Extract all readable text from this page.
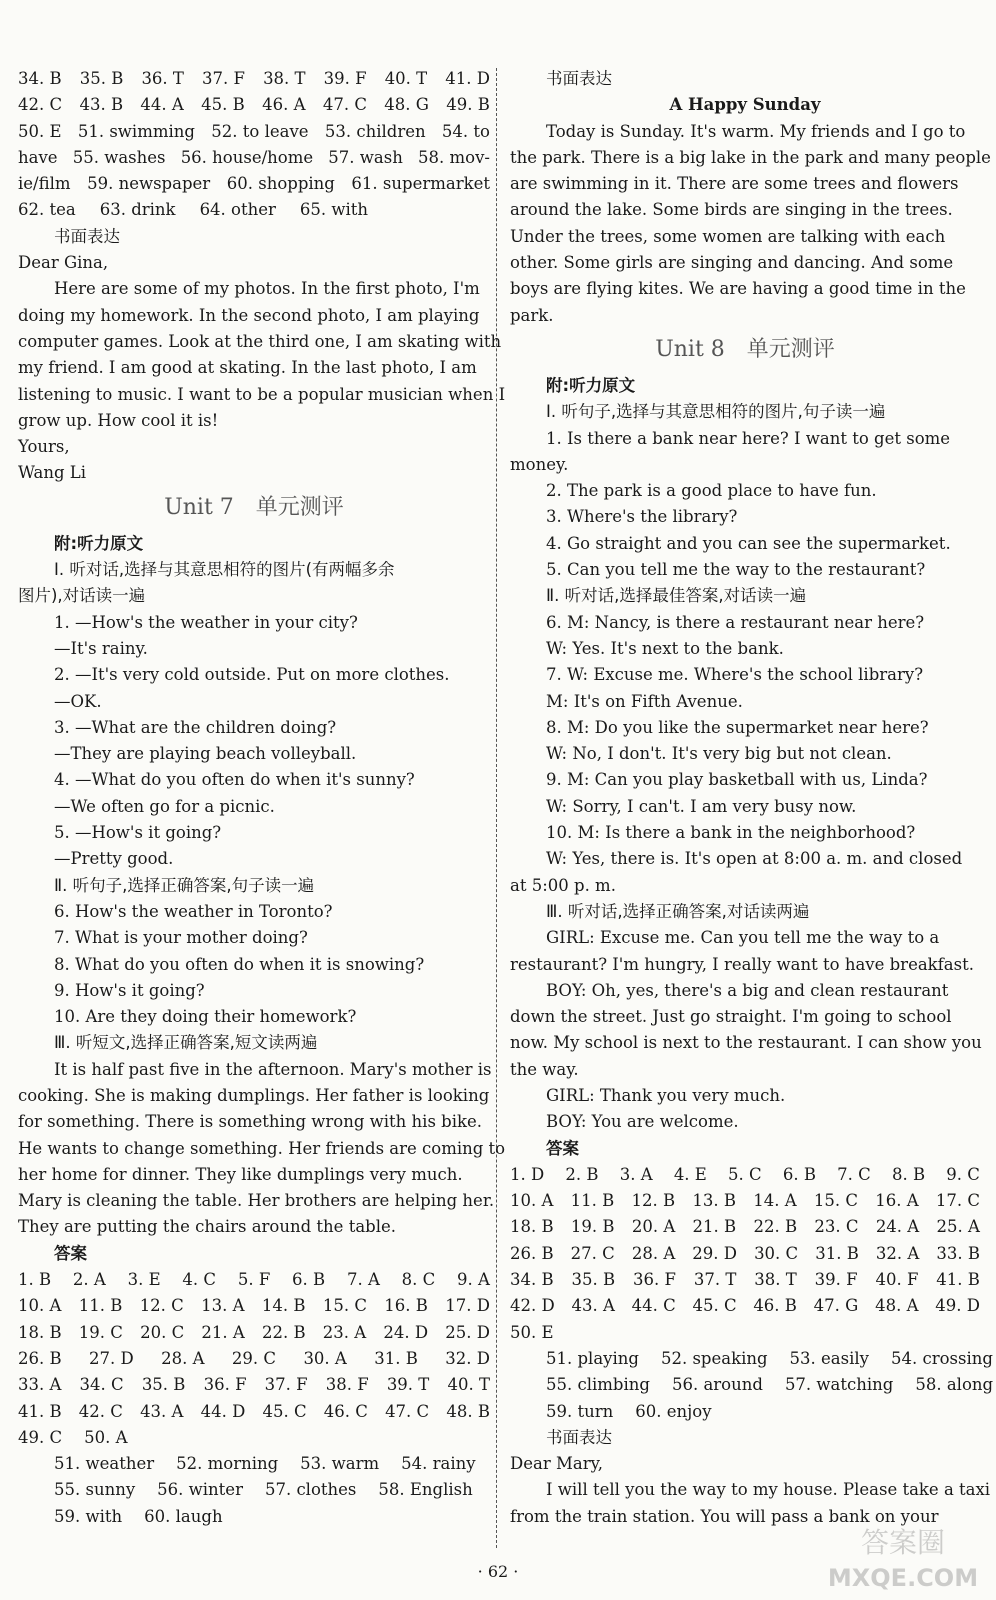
34. B 35. B 36. T 37. F 38. T 39. F 40. T 41. D
42. C 43. B 44. A 45. B 46. A 47. C 48. G 49. B
50. E 51. swimming 52. to leave 53. children 54. to
have 55. washes 56. house/home 57. wash 58. mov-
ie/film 59. newspaper 60. shopping 61. supermarket
62. tea 63. drink 64. other 65. with
书面表达
Dear Gina,
Here are some of my photos. In the first photo, I'm
doing my homework. In the second photo, I am playing
computer games. Look at the third one, I am skating with
my friend. I am good at skating. In the last photo, I am
listening to music. I want to be a popular musician when I
grow up. How cool it is!
Yours,
Wang Li
Unit 7 单元测评
附:听力原文
Ⅰ. 听对话,选择与其意思相符的图片(有两幅多余
图片),对话读一遍
1. —How's the weather in your city?
—It's rainy.
2. —It's very cold outside. Put on more clothes.
—OK.
3. —What are the children doing?
—They are playing beach volleyball.
4. —What do you often do when it's sunny?
—We often go for a picnic.
5. —How's it going?
—Pretty good.
Ⅱ. 听句子,选择正确答案,句子读一遍
6. How's the weather in Toronto?
7. What is your mother doing?
8. What do you often do when it is snowing?
9. How's it going?
10. Are they doing their homework?
Ⅲ. 听短文,选择正确答案,短文读两遍
It is half past five in the afternoon. Mary's mother is
cooking. She is making dumplings. Her father is looking
for something. There is something wrong with his bike.
He wants to change something. Her friends are coming to
her home for dinner. They like dumplings very much.
Mary is cleaning the table. Her brothers are helping her.
They are putting the chairs around the table.
答案
1. B 2. A 3. E 4. C 5. F 6. B 7. A 8. C 9. A
10. A 11. B 12. C 13. A 14. B 15. C 16. B 17. D
18. B 19. C 20. C 21. A 22. B 23. A 24. D 25. D
26. B 27. D 28. A 29. C 30. A 31. B 32. D
33. A 34. C 35. B 36. F 37. F 38. F 39. T 40. T
41. B 42. C 43. A 44. D 45. C 46. C 47. C 48. B
49. C 50. A
51. weather 52. morning 53. warm 54. rainy
55. sunny 56. winter 57. clothes 58. English
59. with 60. laugh
书面表达
A Happy Sunday
Today is Sunday. It's warm. My friends and I go to
the park. There is a big lake in the park and many people
are swimming in it. There are some trees and flowers
around the lake. Some birds are singing in the trees.
Under the trees, some women are talking with each
other. Some girls are singing and dancing. And some
boys are flying kites. We are having a good time in the
park.
Unit 8 单元测评
附:听力原文
Ⅰ. 听句子,选择与其意思相符的图片,句子读一遍
1. Is there a bank near here? I want to get some
money.
2. The park is a good place to have fun.
3. Where's the library?
4. Go straight and you can see the supermarket.
5. Can you tell me the way to the restaurant?
Ⅱ. 听对话,选择最佳答案,对话读一遍
6. M: Nancy, is there a restaurant near here?
W: Yes. It's next to the bank.
7. W: Excuse me. Where's the school library?
M: It's on Fifth Avenue.
8. M: Do you like the supermarket near here?
W: No, I don't. It's very big but not clean.
9. M: Can you play basketball with us, Linda?
W: Sorry, I can't. I am very busy now.
10. M: Is there a bank in the neighborhood?
W: Yes, there is. It's open at 8:00 a. m. and closed
at 5:00 p. m.
Ⅲ. 听对话,选择正确答案,对话读两遍
GIRL: Excuse me. Can you tell me the way to a
restaurant? I'm hungry, I really want to have breakfast.
BOY: Oh, yes, there's a big and clean restaurant
down the street. Just go straight. I'm going to school
now. My school is next to the restaurant. I can show you
the way.
GIRL: Thank you very much.
BOY: You are welcome.
答案
1. D 2. B 3. A 4. E 5. C 6. B 7. C 8. B 9. C
10. A 11. B 12. B 13. B 14. A 15. C 16. A 17. C
18. B 19. B 20. A 21. B 22. B 23. C 24. A 25. A
26. B 27. C 28. A 29. D 30. C 31. B 32. A 33. B
34. B 35. B 36. F 37. T 38. T 39. F 40. F 41. B
42. D 43. A 44. C 45. C 46. B 47. G 48. A 49. D
50. E
51. playing 52. speaking 53. easily 54. crossing
55. climbing 56. around 57. watching 58. along
59. turn 60. enjoy
书面表达
Dear Mary,
I will tell you the way to my house. Please take a taxi
from the train station. You will pass a bank on your
· 62 ·
答案圈
MXQE.COM
